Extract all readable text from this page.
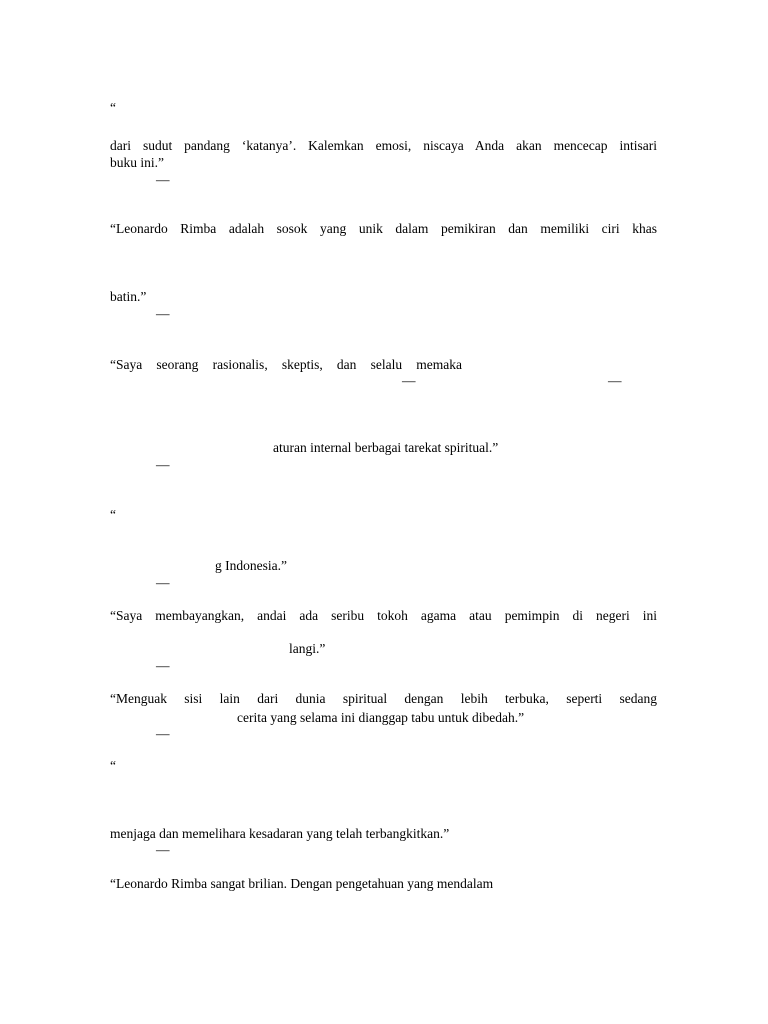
“
dari sudut pandang ‘katanya’. Kalemkan emosi, niscaya Anda akan mencecap intisari
buku ini.”
—
“Leonardo Rimba adalah sosok yang unik dalam pemikiran dan memiliki ciri khas
batin.”
—
“Saya seorang rasionalis, skeptis, dan selalu memaka
—	—
aturan internal berbagai tarekat spiritual.”
—
“
g Indonesia.”
—
“Saya membayangkan, andai ada seribu tokoh agama atau pemimpin di negeri ini
langi.”
—
“Menguak sisi lain dari dunia spiritual dengan lebih terbuka, seperti sedang
cerita yang selama ini dianggap tabu untuk dibedah.”
—
“
menjaga dan memelihara kesadaran yang telah terbangkitkan.”
—
“Leonardo Rimba sangat brilian. Dengan pengetahuan yang mendalam
